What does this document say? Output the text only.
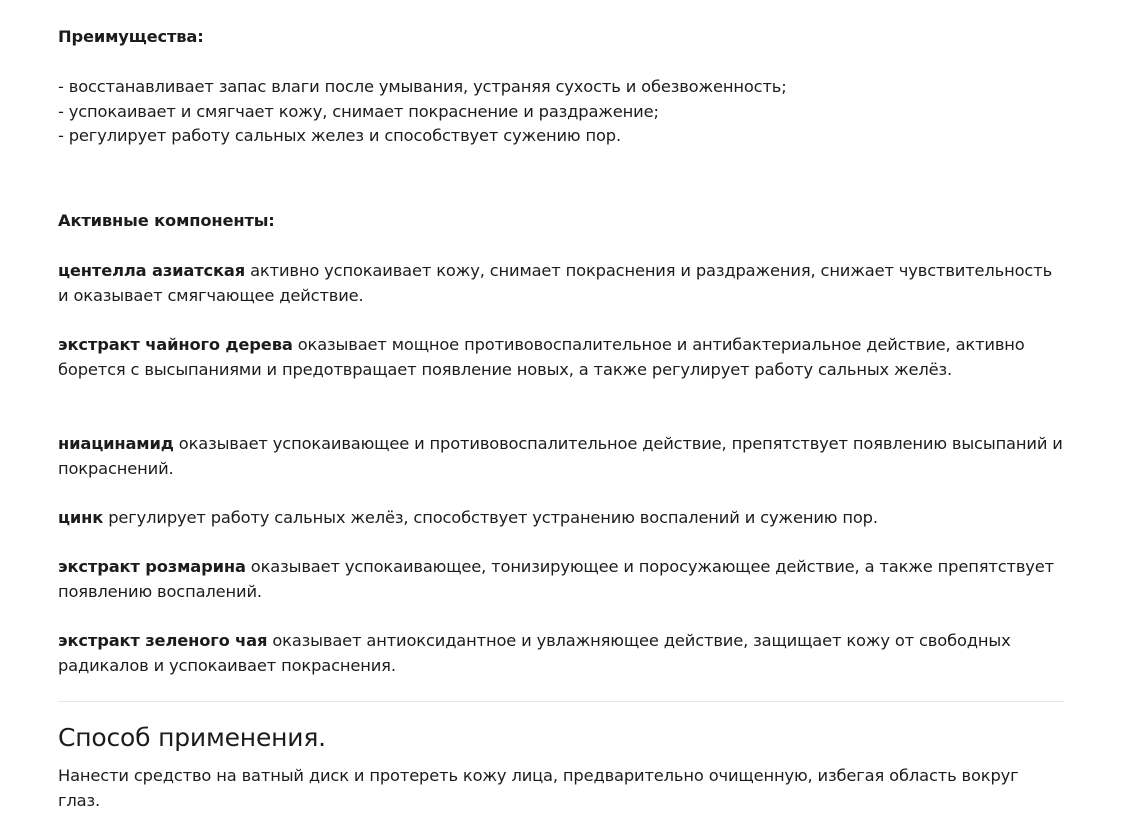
Преимущества:

- восстанавливает запас влаги после умывания, устраняя сухость и обезвоженность;

- успокаивает и смягчает кожу, снимает покраснение и раздражение;

- регулирует работу сальных желез и способствует сужению пор.

Активные компоненты:

центелла азиатская активно успокаивает кожу, снимает покраснения и раздражения, снижает чувствительность и оказывает смягчающее действие.

экстракт чайного дерева оказывает мощное противовоспалительное и антибактериальное действие, активно борется с высыпаниями и предотвращает появление новых, а также регулирует работу сальных желёз.

ниацинамид оказывает успокаивающее и противовоспалительное действие, препятствует появлению высыпаний и покраснений.

цинк регулирует работу сальных желёз, способствует устранению воспалений и сужению пор.

экстракт розмарина оказывает успокаивающее, тонизирующее и поросужающее действие, а также препятствует появлению воспалений.

экстракт зеленого чая оказывает антиоксидантное и увлажняющее действие, защищает кожу от свободных радикалов и успокаивает покраснения.

Способ применения.

Нанести средство на ватный диск и протереть кожу лица, предварительно очищенную, избегая область вокруг глаз.
